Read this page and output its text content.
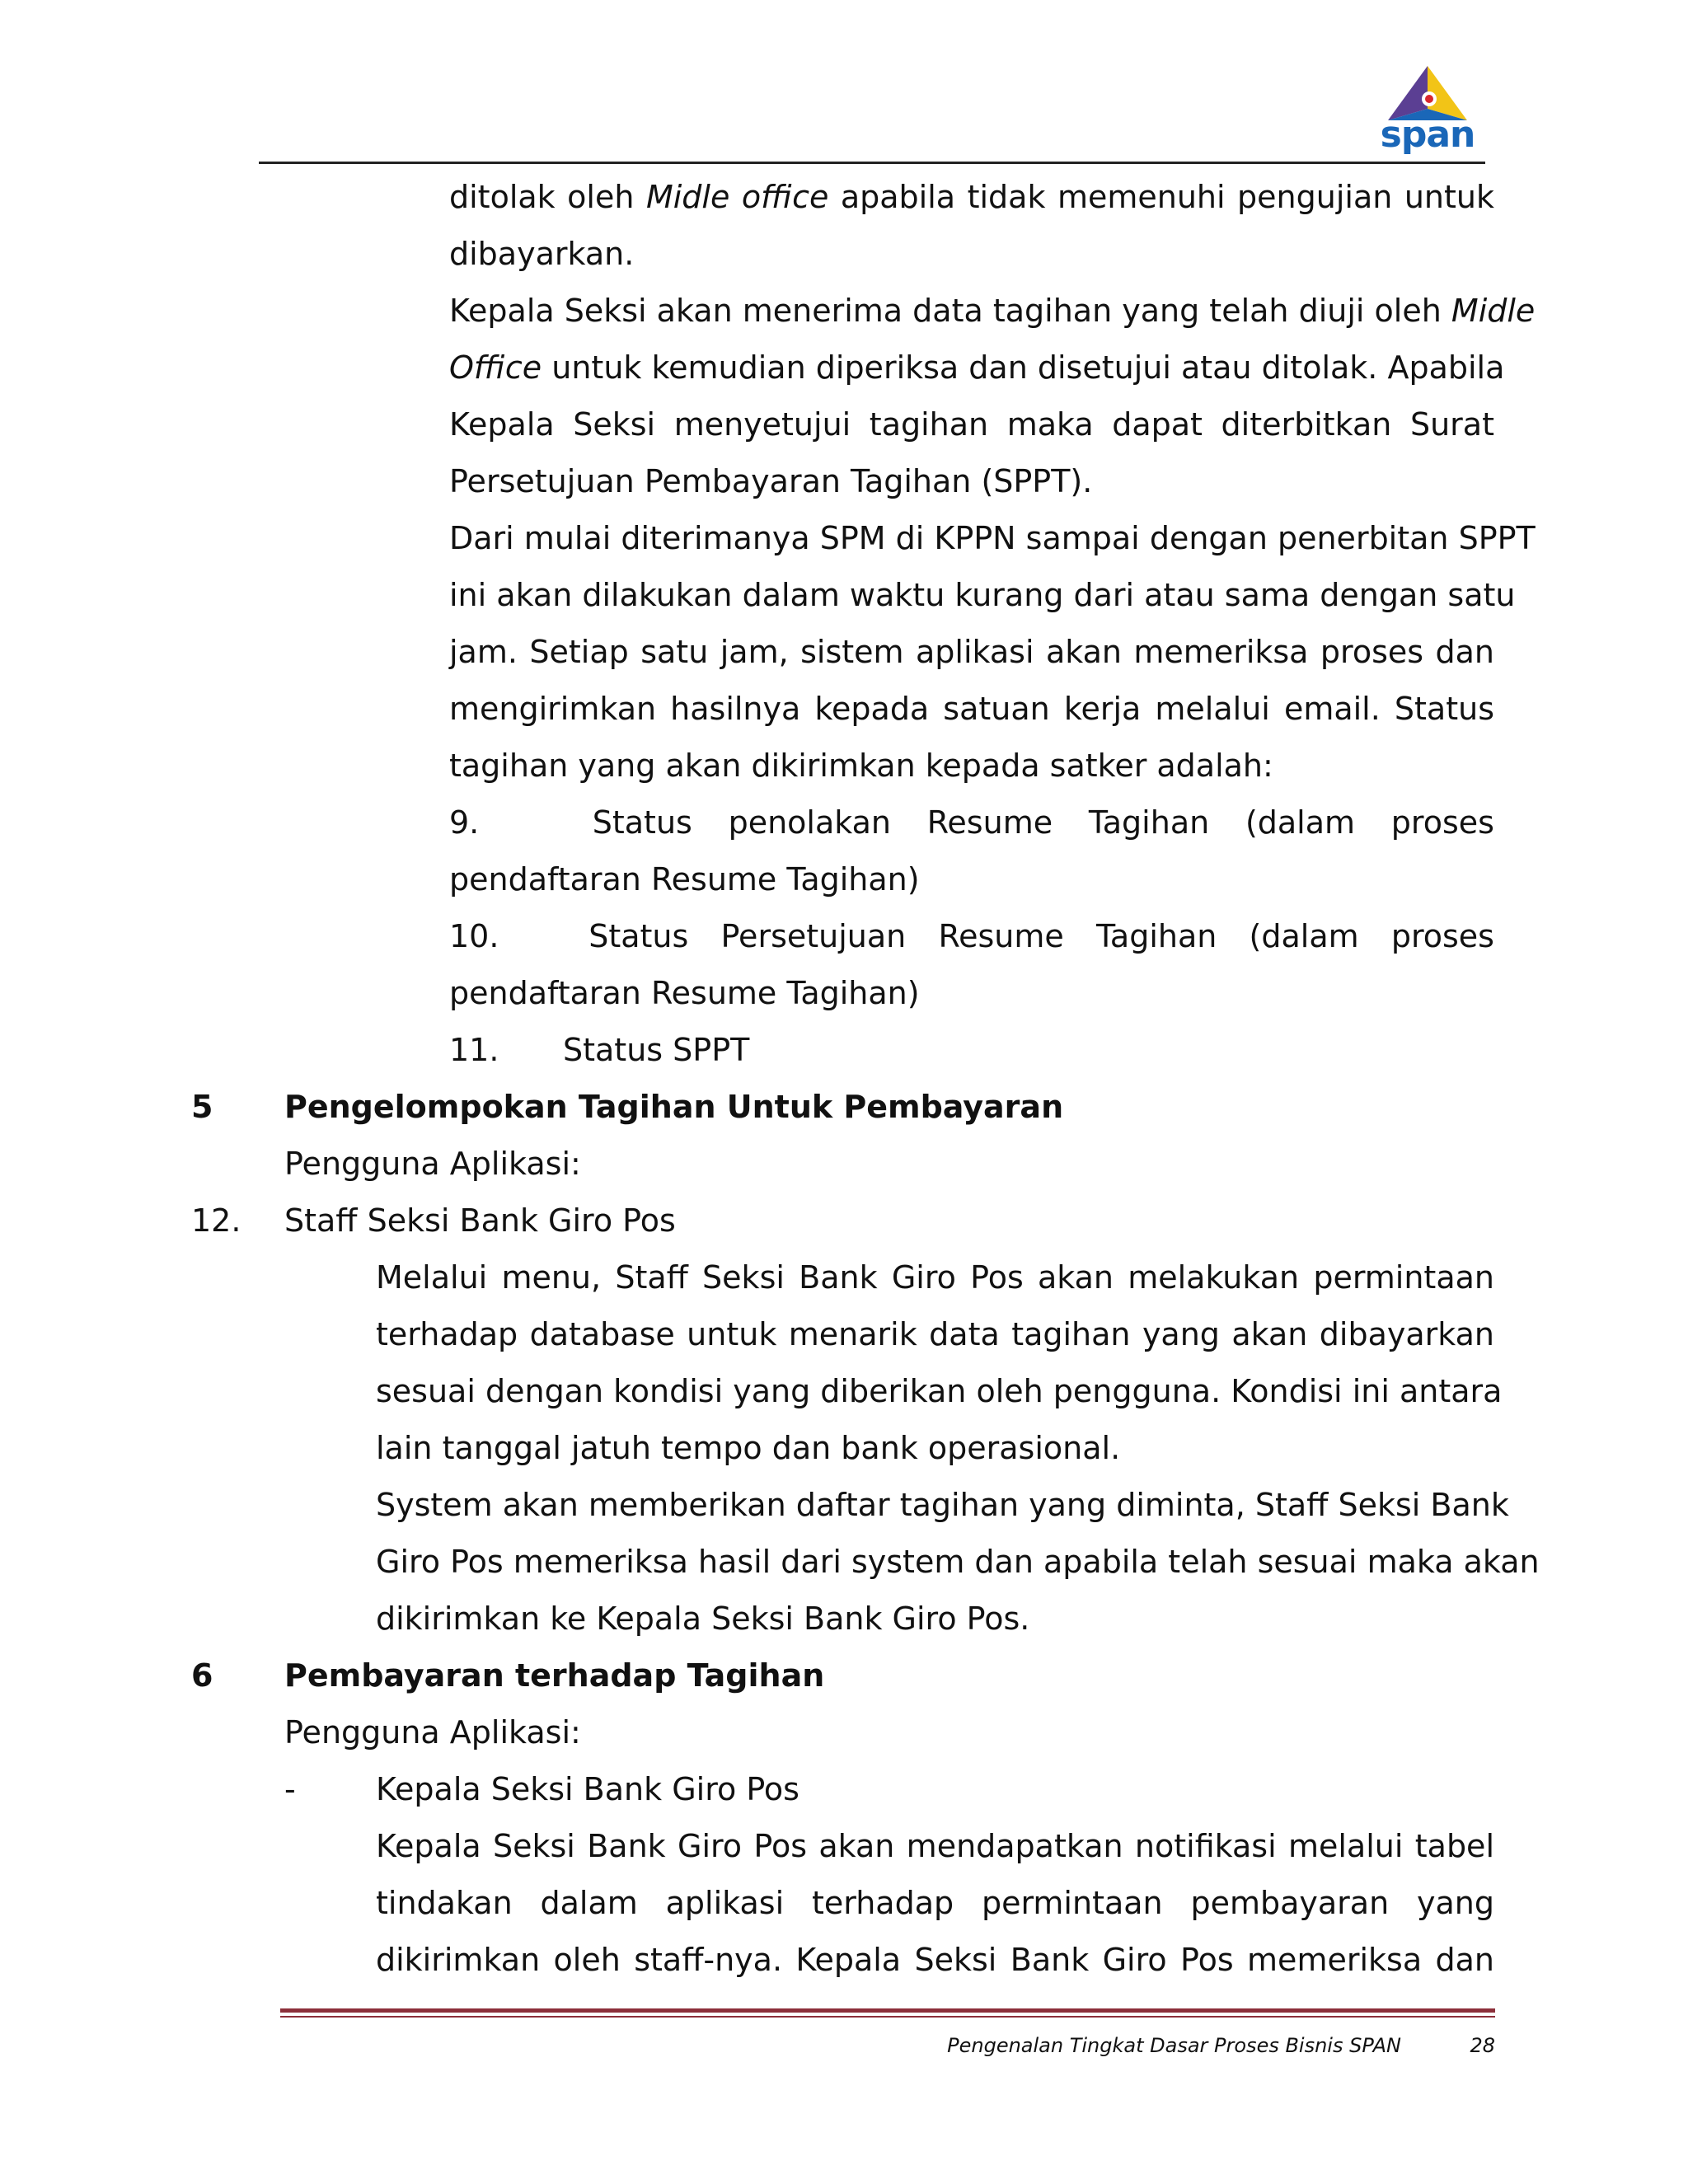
span
ditolak oleh Midle office apabila tidak memenuhi pengujian untuk
dibayarkan.
Kepala Seksi akan menerima data tagihan yang telah diuji oleh Midle
Office untuk kemudian diperiksa dan disetujui atau ditolak. Apabila
Kepala Seksi menyetujui tagihan maka dapat diterbitkan Surat
Persetujuan Pembayaran Tagihan (SPPT).
Dari mulai diterimanya SPM di KPPN sampai dengan penerbitan SPPT
ini akan dilakukan dalam waktu kurang dari atau sama dengan satu
jam. Setiap satu jam, sistem aplikasi akan memeriksa proses dan
mengirimkan hasilnya kepada satuan kerja melalui email. Status
tagihan yang akan dikirimkan kepada satker adalah:
9.	Status penolakan Resume Tagihan (dalam proses
pendaftaran Resume Tagihan)
10.	Status Persetujuan Resume Tagihan (dalam proses
pendaftaran Resume Tagihan)
11. Status SPPT
5 Pengelompokan Tagihan Untuk Pembayaran
Pengguna Aplikasi:
12. Staff Seksi Bank Giro Pos
Melalui menu, Staff Seksi Bank Giro Pos akan melakukan permintaan
terhadap database untuk menarik data tagihan yang akan dibayarkan
sesuai dengan kondisi yang diberikan oleh pengguna. Kondisi ini antara
lain tanggal jatuh tempo dan bank operasional.
System akan memberikan daftar tagihan yang diminta, Staff Seksi Bank
Giro Pos memeriksa hasil dari system dan apabila telah sesuai maka akan
dikirimkan ke Kepala Seksi Bank Giro Pos.
6 Pembayaran terhadap Tagihan
Pengguna Aplikasi:
-	Kepala Seksi Bank Giro Pos
Kepala Seksi Bank Giro Pos akan mendapatkan notifikasi melalui tabel
tindakan dalam aplikasi terhadap permintaan pembayaran yang
dikirimkan oleh staff-nya. Kepala Seksi Bank Giro Pos memeriksa dan
Pengenalan Tingkat Dasar Proses Bisnis SPAN	28
